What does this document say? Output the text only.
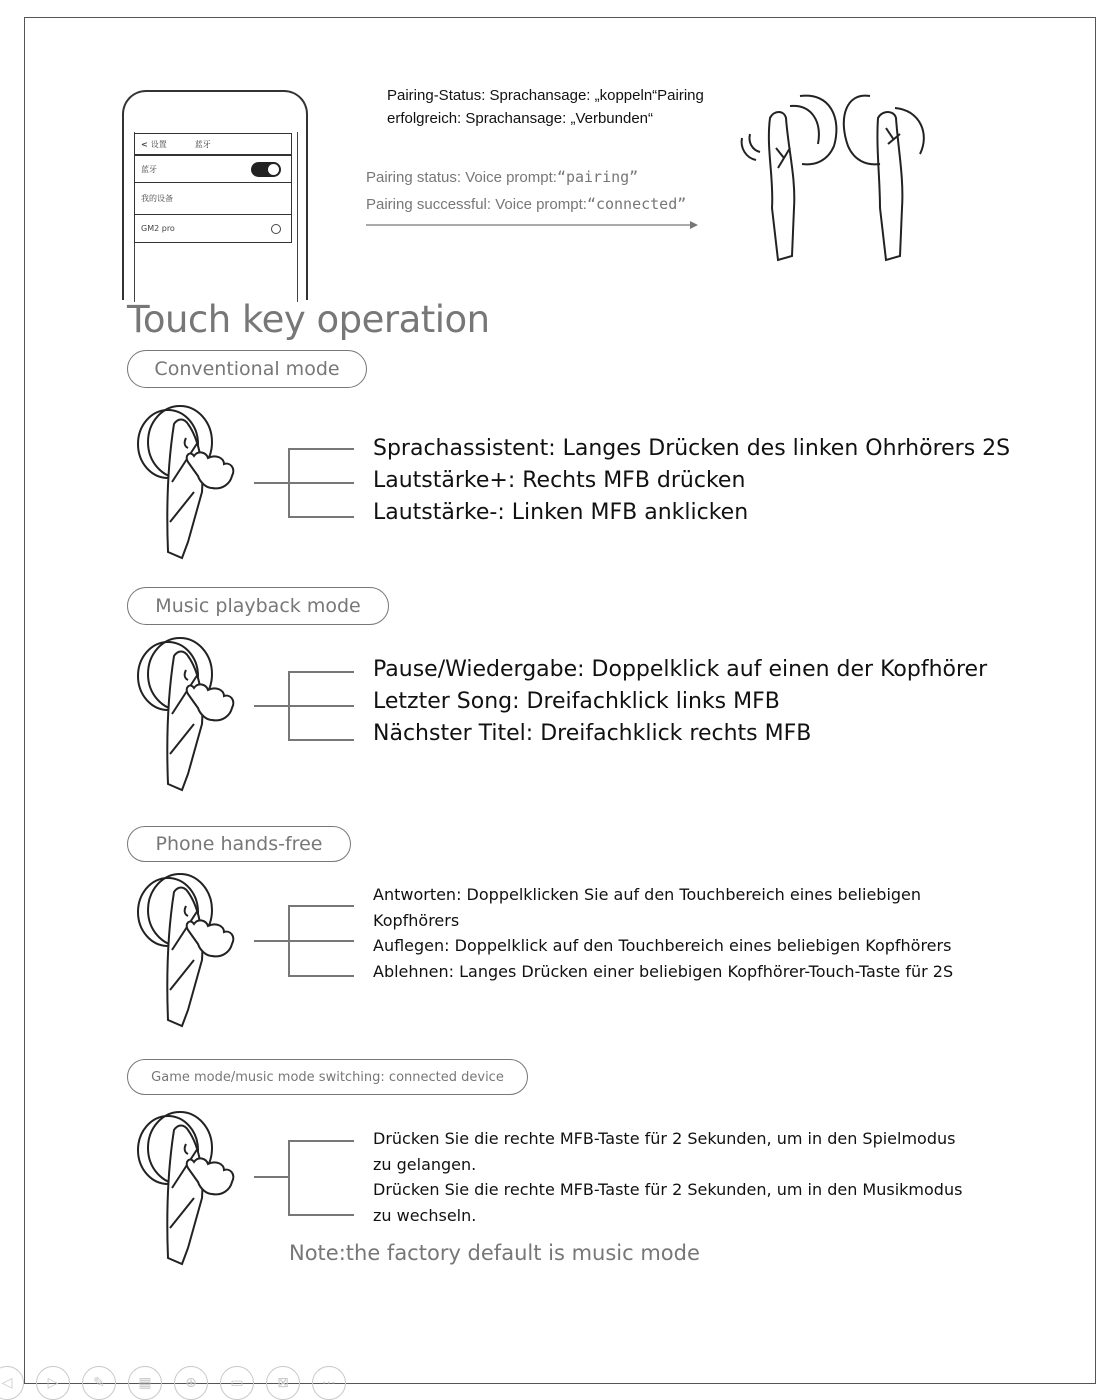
< 设置	蓝牙
蓝牙
我的设备
GM2 pro
Pairing-Status: Sprachansage: „koppeln“Pairing
erfolgreich: Sprachansage: „Verbunden“
Pairing status: Voice prompt:“pairing”
Pairing successful: Voice prompt:“connected”
Touch key operation
Conventional mode
Sprachassistent: Langes Drücken des linken Ohrhörers 2S
Lautstärke+: Rechts MFB drücken
Lautstärke-: Linken MFB anklicken
Music playback mode
Pause/Wiedergabe: Doppelklick auf einen der Kopfhörer
Letzter Song: Dreifachklick links MFB
Nächster Titel: Dreifachklick rechts MFB
Phone hands-free
Antworten: Doppelklicken Sie auf den Touchbereich eines beliebigen
Kopfhörers
Auflegen: Doppelklick auf den Touchbereich eines beliebigen Kopfhörers
Ablehnen: Langes Drücken einer beliebigen Kopfhörer-Touch-Taste für 2S
Game mode/music mode switching: connected device
Drücken Sie die rechte MFB-Taste für 2 Sekunden, um in den Spielmodus
zu gelangen.
Drücken Sie die rechte MFB-Taste für 2 Sekunden, um in den Musikmodus
zu wechseln.
Note:the factory default is music mode
◁	▷	✎	▦	⊕	▭	⊠	⋯
